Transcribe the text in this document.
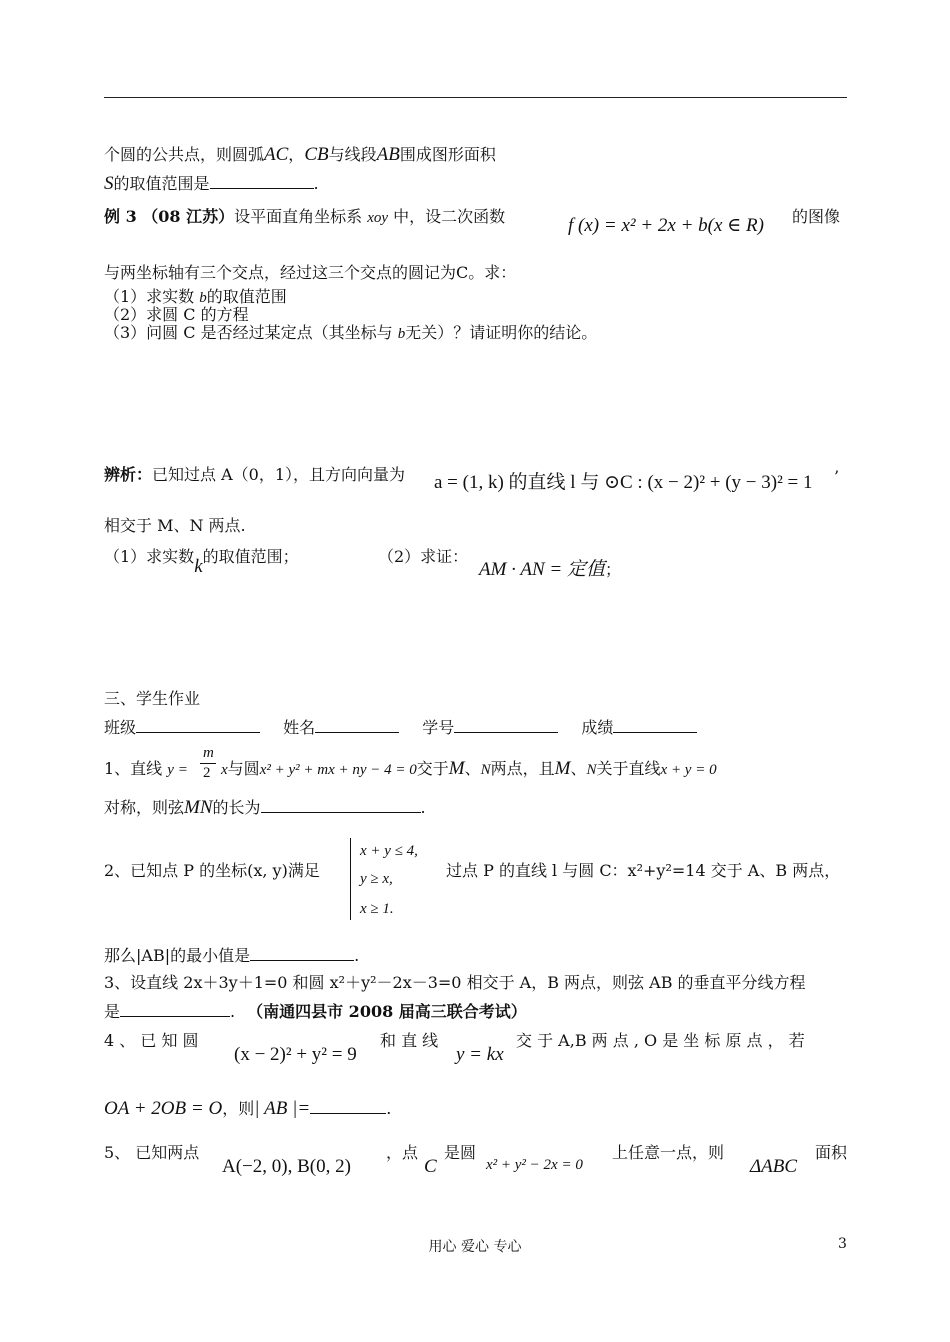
个圆的公共点，则圆弧AC，CB与线段AB围成图形面积
S的取值范围是	.
例 3 （08 江苏）设平面直角坐标系 xoy 中，设二次函数	f (x) = x² + 2x + b(x ∈ R) 的图像
与两坐标轴有三个交点，经过这三个交点的圆记为C。求：
（1）求实数 b的取值范围
（2）求圆 C 的方程
（3）问圆 C 是否经过某定点（其坐标与 b无关）？请证明你的结论。
辨析：已知过点 A（0，1），且方向向量为 a = (1, k) 的直线 l 与 ⊙C : (x − 2)² + (y − 3)² = 1 ’
相交于 M、N 两点.
（1）求实数k的取值范围；	（2）求证：
AM · AN = 定值；
三、学生作业
班级	姓名	学号	成绩
1、直线 y =
m
2 x与圆x² + y² + mx + ny − 4 = 0交于M、N两点，且M、N关于直线x + y = 0
对称，则弦MN的长为	.
2、已知点 P 的坐标(x, y)满足
x + y ≤ 4,
y ≥ x,
x ≥ 1.
过点 P 的直线 l 与圆 C：x²+y²=14 交于 A、B 两点，
那么|AB|的最小值是	.
3、设直线 2x＋3y＋1=0 和圆 x²＋y²－2x－3=0 相交于 A，B 两点，则弦 AB 的垂直平分线方程
是	. （南通四县市 2008 届高三联合考试）
4 、 已 知 圆
(x − 2)² + y² = 9
和 直 线
y = kx
交 于 A,B 两 点 , O 是 坐 标 原 点 ， 若
OA + 2OB = O，则| AB |=	.
5、 已知两点
A(−2, 0), B(0, 2)
，点
C
是圆
x² + y² − 2x = 0
上任意一点，则
ΔABC
面积
用心 爱心 专心	3
